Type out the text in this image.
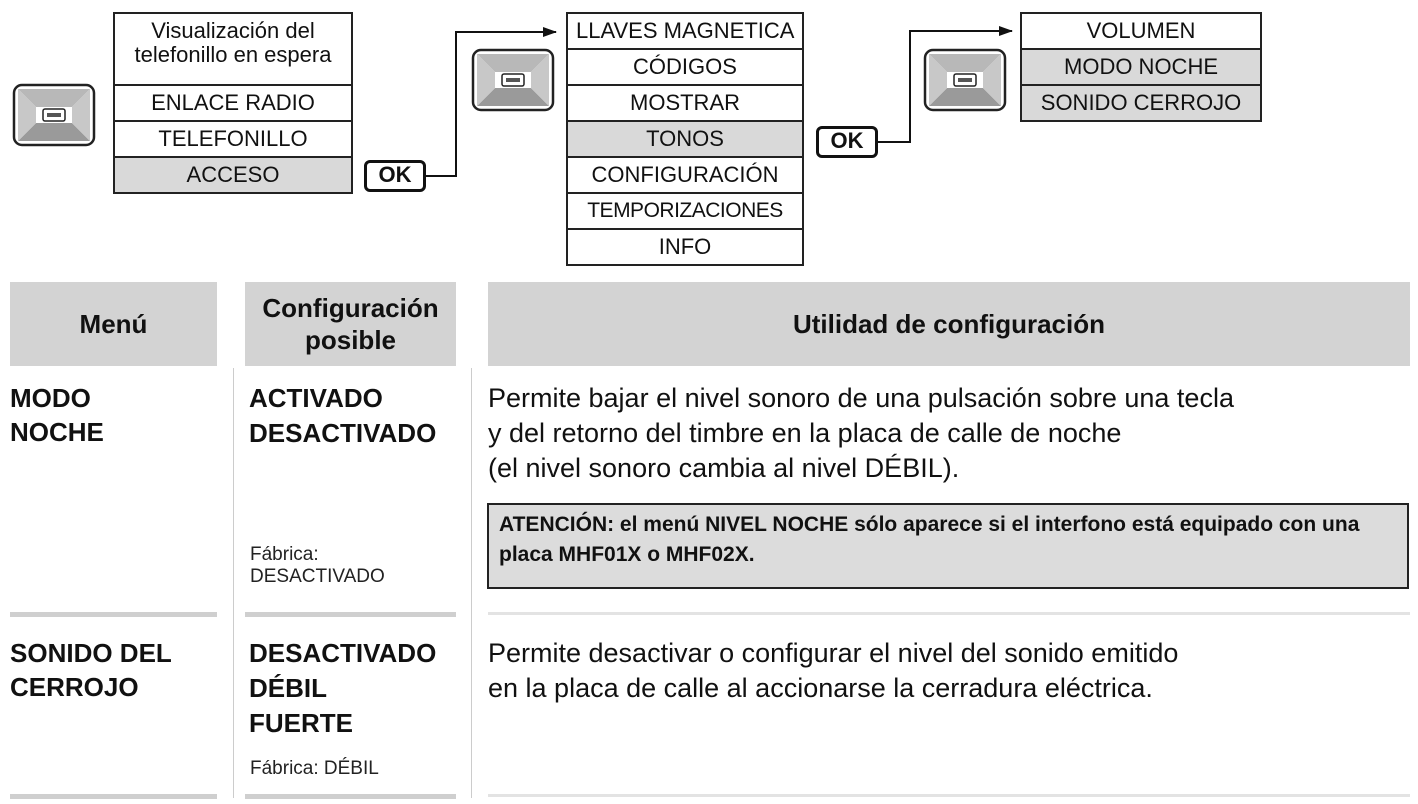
Visualización del telefonillo en espera
ENLACE RADIO
TELEFONILLO
ACCESO
LLAVES MAGNETICA
CÓDIGOS
MOSTRAR
TONOS
CONFIGURACIÓN
TEMPORIZACIONES
INFO
VOLUMEN
MODO NOCHE
SONIDO CERROJO
OK
OK
Menú
Configuración posible
Utilidad de configuración
MODO NOCHE
ACTIVADO
DESACTIVADO
Fábrica: DESACTIVADO
Permite bajar el nivel sonoro de una pulsación sobre una tecla
y del retorno del timbre en la placa de calle de noche
(el nivel sonoro cambia al nivel DÉBIL).
ATENCIÓN: el menú NIVEL NOCHE sólo aparece si el interfono está equipado con una placa MHF01X o MHF02X.
SONIDO DEL CERROJO
DESACTIVADO
DÉBIL
FUERTE
Fábrica: DÉBIL
Permite desactivar o configurar el nivel del sonido emitido
en la placa de calle al accionarse la cerradura eléctrica.
